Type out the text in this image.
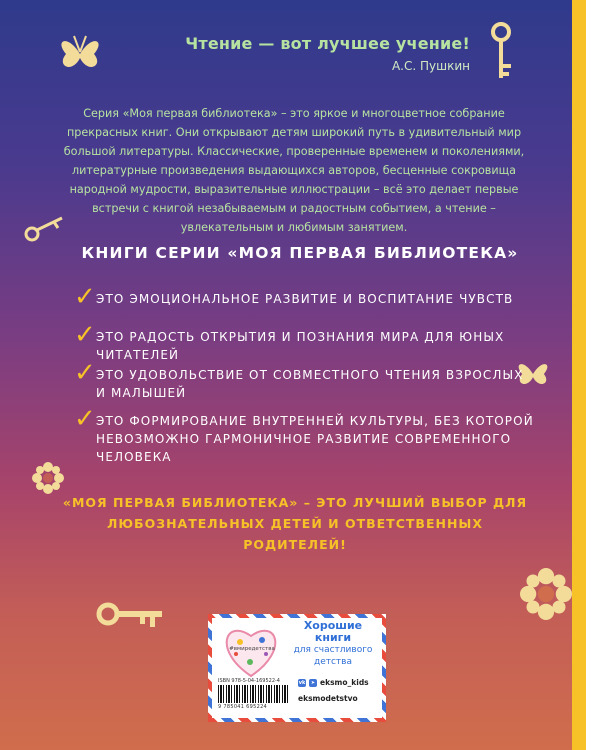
Чтение — вот лучшее учение!
А.С. Пушкин
Серия «Моя первая библиотека» – это яркое и многоцветное собрание прекрасных книг. Они открывают детям широкий путь в удивительный мир большой литературы. Классические, проверенные временем и поколениями, литературные произведения выдающихся авторов, бесценные сокровища народной мудрости, выразительные иллюстрации – всё это делает первые встречи с книгой незабываемым и радостным событием, а чтение – увлекательным и любимым занятием.
КНИГИ СЕРИИ «МОЯ ПЕРВАЯ БИБЛИОТЕКА»
✓ ЭТО ЭМОЦИОНАЛЬНОЕ РАЗВИТИЕ И ВОСПИТАНИЕ ЧУВСТВ
✓ ЭТО РАДОСТЬ ОТКРЫТИЯ И ПОЗНАНИЯ МИРА ДЛЯ ЮНЫХ ЧИТАТЕЛЕЙ
✓ ЭТО УДОВОЛЬСТВИЕ ОТ СОВМЕСТНОГО ЧТЕНИЯ ВЗРОСЛЫХ И МАЛЫШЕЙ
✓ ЭТО ФОРМИРОВАНИЕ ВНУТРЕННЕЙ КУЛЬТУРЫ, БЕЗ КОТОРОЙ НЕВОЗМОЖНО ГАРМОНИЧНОЕ РАЗВИТИЕ СОВРЕМЕННОГО ЧЕЛОВЕКА
«МОЯ ПЕРВАЯ БИБЛИОТЕКА» – ЭТО ЛУЧШИЙ ВЫБОР ДЛЯ ЛЮБОЗНАТЕЛЬНЫХ ДЕТЕЙ И ОТВЕТСТВЕННЫХ РОДИТЕЛЕЙ!
#вмиредетства
Хорошие
книги
для счастливого
детства
ISBN 978-5-04-169522-4
9 785041 695224
vk	➤ eksmo_kids
eksmodetstvo
